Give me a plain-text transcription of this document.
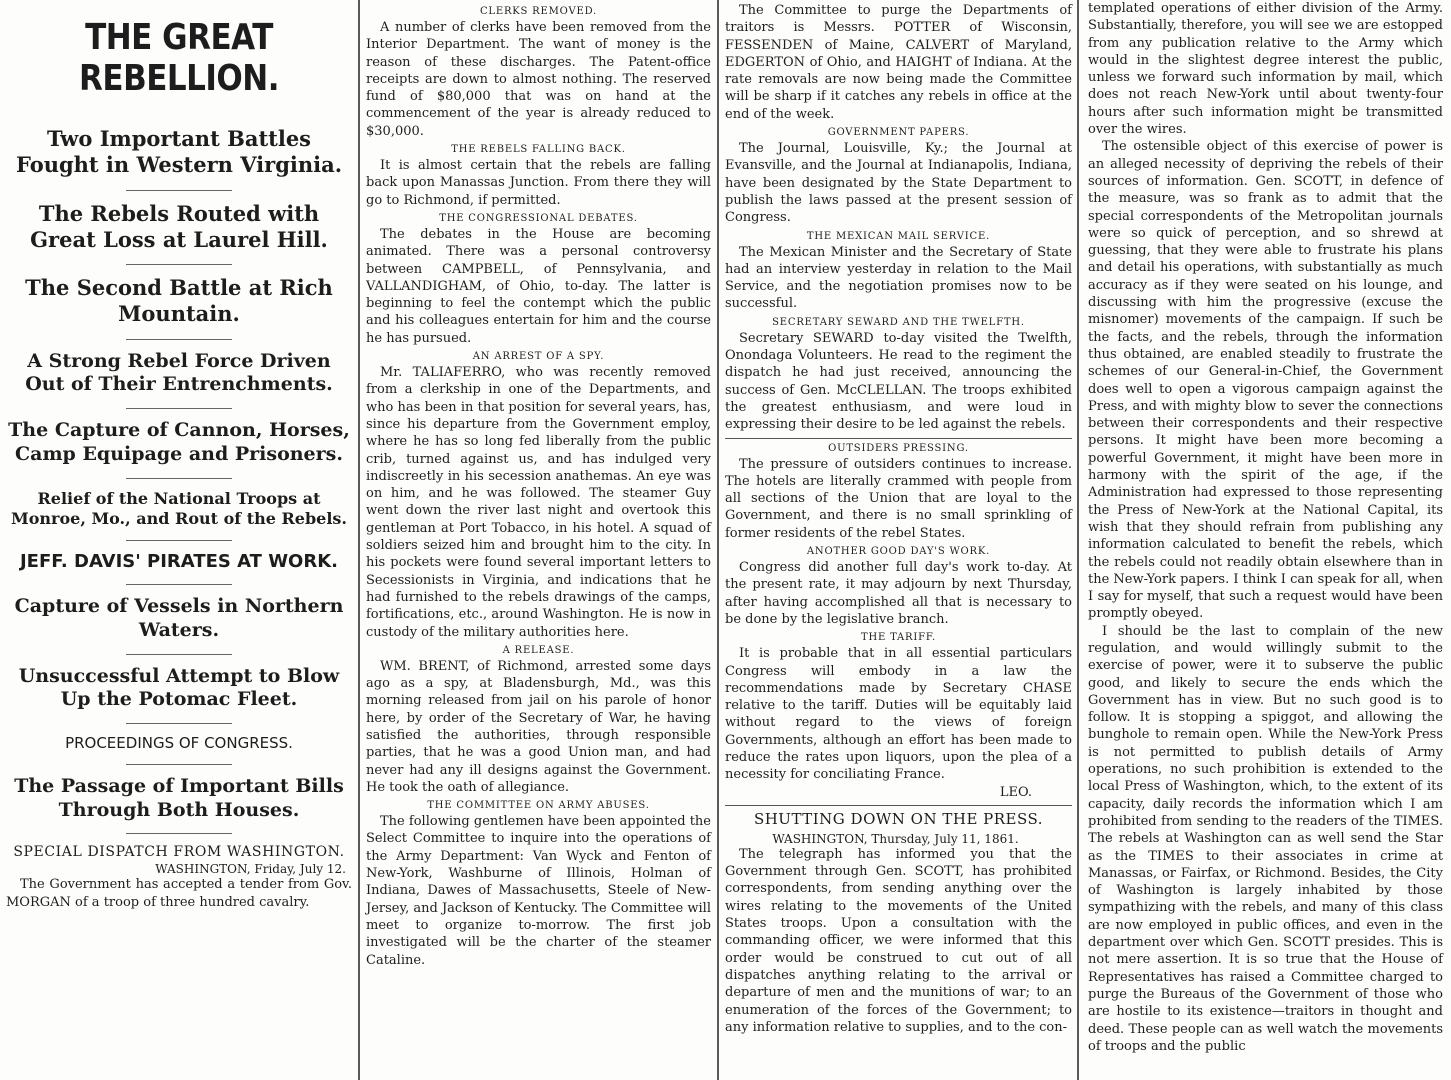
THE GREAT REBELLION.

Two Important Battles Fought in Western Virginia.

The Rebels Routed with Great Loss at Laurel Hill.

The Second Battle at Rich Mountain.

A Strong Rebel Force Driven Out of Their Entrenchments.

The Capture of Cannon, Horses, Camp Equipage and Prisoners.

Relief of the National Troops at Monroe, Mo., and Rout of the Rebels.

JEFF. DAVIS' PIRATES AT WORK.

Capture of Vessels in Northern Waters.

Unsuccessful Attempt to Blow Up the Potomac Fleet.

PROCEEDINGS OF CONGRESS.

The Passage of Important Bills Through Both Houses.

SPECIAL DISPATCH FROM WASHINGTON.
WASHINGTON, Friday, July 12.

The Government has accepted a tender from Gov. MORGAN of a troop of three hundred cavalry.

CLERKS REMOVED.

A number of clerks have been removed from the Interior Department. The want of money is the reason of these discharges. The Patent-office receipts are down to almost nothing. The reserved fund of $80,000 that was on hand at the commencement of the year is already reduced to $30,000.

THE REBELS FALLING BACK.

It is almost certain that the rebels are falling back upon Manassas Junction. From there they will go to Richmond, if permitted.

THE CONGRESSIONAL DEBATES.

The debates in the House are becoming animated. There was a personal controversy between CAMPBELL, of Pennsylvania, and VALLANDIGHAM, of Ohio, to-day. The latter is beginning to feel the contempt which the public and his colleagues entertain for him and the course he has pursued.

AN ARREST OF A SPY.

Mr. TALIAFERRO, who was recently removed from a clerkship in one of the Departments, and who has been in that position for several years, has, since his departure from the Government employ, where he has so long fed liberally from the public crib, turned against us, and has indulged very indiscreetly in his secession anathemas. An eye was on him, and he was followed. The steamer Guy went down the river last night and overtook this gentleman at Port Tobacco, in his hotel. A squad of soldiers seized him and brought him to the city. In his pockets were found several important letters to Secessionists in Virginia, and indications that he had furnished to the rebels drawings of the camps, fortifications, etc., around Washington. He is now in custody of the military authorities here.

A RELEASE.

WM. BRENT, of Richmond, arrested some days ago as a spy, at Bladensburgh, Md., was this morning released from jail on his parole of honor here, by order of the Secretary of War, he having satisfied the authorities, through responsible parties, that he was a good Union man, and had never had any ill designs against the Government. He took the oath of allegiance.

THE COMMITTEE ON ARMY ABUSES.

The following gentlemen have been appointed the Select Committee to inquire into the operations of the Army Department: Van Wyck and Fenton of New-York, Washburne of Illinois, Holman of Indiana, Dawes of Massachusetts, Steele of New-Jersey, and Jackson of Kentucky. The Committee will meet to organize to-morrow. The first job investigated will be the charter of the steamer Cataline.

The Committee to purge the Departments of traitors is Messrs. POTTER of Wisconsin, FESSENDEN of Maine, CALVERT of Maryland, EDGERTON of Ohio, and HAIGHT of Indiana. At the rate removals are now being made the Committee will be sharp if it catches any rebels in office at the end of the week.

GOVERNMENT PAPERS.

The Journal, Louisville, Ky.; the Journal at Evansville, and the Journal at Indianapolis, Indiana, have been designated by the State Department to publish the laws passed at the present session of Congress.

THE MEXICAN MAIL SERVICE.

The Mexican Minister and the Secretary of State had an interview yesterday in relation to the Mail Service, and the negotiation promises now to be successful.

SECRETARY SEWARD AND THE TWELFTH.

Secretary SEWARD to-day visited the Twelfth, Onondaga Volunteers. He read to the regiment the dispatch he had just received, announcing the success of Gen. McCLELLAN. The troops exhibited the greatest enthusiasm, and were loud in expressing their desire to be led against the rebels.

OUTSIDERS PRESSING.

The pressure of outsiders continues to increase. The hotels are literally crammed with people from all sections of the Union that are loyal to the Government, and there is no small sprinkling of former residents of the rebel States.

ANOTHER GOOD DAY'S WORK.

Congress did another full day's work to-day. At the present rate, it may adjourn by next Thursday, after having accomplished all that is necessary to be done by the legislative branch.

THE TARIFF.

It is probable that in all essential particulars Congress will embody in a law the recommendations made by Secretary CHASE relative to the tariff. Duties will be equitably laid without regard to the views of foreign Governments, although an effort has been made to reduce the rates upon liquors, upon the plea of a necessity for conciliating France.

LEO.

SHUTTING DOWN ON THE PRESS.
WASHINGTON, Thursday, July 11, 1861.

The telegraph has informed you that the Government through Gen. SCOTT, has prohibited correspondents, from sending anything over the wires relating to the movements of the United States troops. Upon a consultation with the commanding officer, we were informed that this order would be construed to cut out of all dispatches anything relating to the arrival or departure of men and the munitions of war; to an enumeration of the forces of the Government; to any information relative to supplies, and to the con-

templated operations of either division of the Army. Substantially, therefore, you will see we are estopped from any publication relative to the Army which would in the slightest degree interest the public, unless we forward such information by mail, which does not reach New-York until about twenty-four hours after such information might be transmitted over the wires.

The ostensible object of this exercise of power is an alleged necessity of depriving the rebels of their sources of information. Gen. SCOTT, in defence of the measure, was so frank as to admit that the special correspondents of the Metropolitan journals were so quick of perception, and so shrewd at guessing, that they were able to frustrate his plans and detail his operations, with substantially as much accuracy as if they were seated on his lounge, and discussing with him the progressive (excuse the misnomer) movements of the campaign. If such be the facts, and the rebels, through the information thus obtained, are enabled steadily to frustrate the schemes of our General-in-Chief, the Government does well to open a vigorous campaign against the Press, and with mighty blow to sever the connections between their correspondents and their respective persons. It might have been more becoming a powerful Government, it might have been more in harmony with the spirit of the age, if the Administration had expressed to those representing the Press of New-York at the National Capital, its wish that they should refrain from publishing any information calculated to benefit the rebels, which the rebels could not readily obtain elsewhere than in the New-York papers. I think I can speak for all, when I say for myself, that such a request would have been promptly obeyed.

I should be the last to complain of the new regulation, and would willingly submit to the exercise of power, were it to subserve the public good, and likely to secure the ends which the Government has in view. But no such good is to follow. It is stopping a spiggot, and allowing the bunghole to remain open. While the New-York Press is not permitted to publish details of Army operations, no such prohibition is extended to the local Press of Washington, which, to the extent of its capacity, daily records the information which I am prohibited from sending to the readers of the TIMES. The rebels at Washington can as well send the Star as the TIMES to their associates in crime at Manassas, or Fairfax, or Richmond. Besides, the City of Washington is largely inhabited by those sympathizing with the rebels, and many of this class are now employed in public offices, and even in the department over which Gen. SCOTT presides. This is not mere assertion. It is so true that the House of Representatives has raised a Committee charged to purge the Bureaus of the Government of those who are hostile to its existence—traitors in thought and deed. These people can as well watch the movements of troops and the public
